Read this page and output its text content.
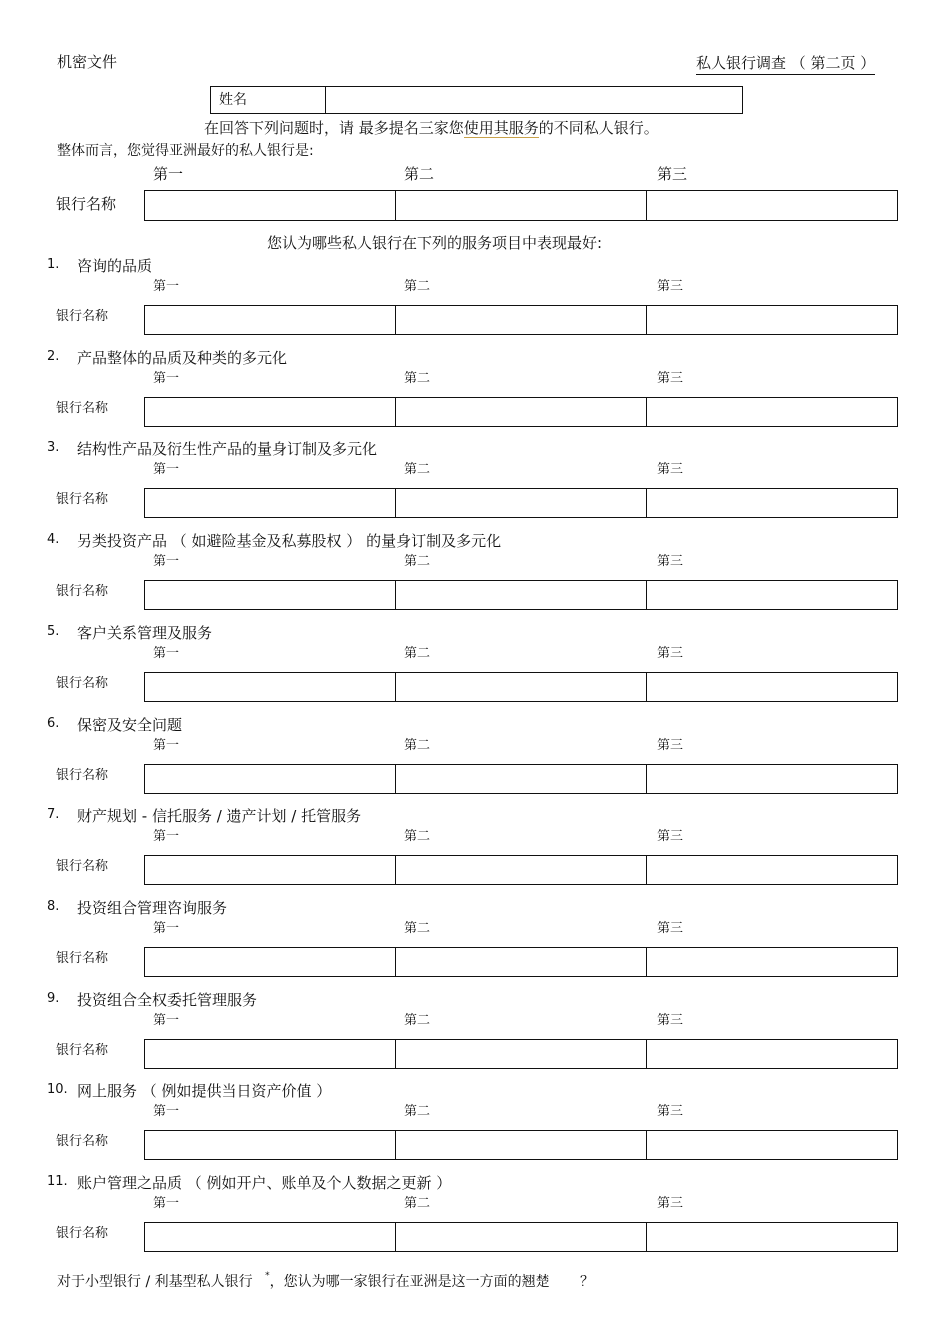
机密文件	私人银行调查 （ 第二页 ）
姓名
在回答下列问题时，请 最多提名三家您使用其服务的不同私人银行。
整体而言，您觉得亚洲最好的私人银行是:
第一	第二	第三
银行名称
您认为哪些私人银行在下列的服务项目中表现最好:
1. 咨询的品质
第一	第二	第三
银行名称
2. 产品整体的品质及种类的多元化
第一	第二	第三
银行名称
3. 结构性产品及衍生性产品的量身订制及多元化
第一	第二	第三
银行名称
4. 另类投资产品 （ 如避险基金及私募股权 ） 的量身订制及多元化
第一	第二	第三
银行名称
5. 客户关系管理及服务
第一	第二	第三
银行名称
6. 保密及安全问题
第一	第二	第三
银行名称
7. 财产规划 - 信托服务 / 遗产计划 / 托管服务
第一	第二	第三
银行名称
8. 投资组合管理咨询服务
第一	第二	第三
银行名称
9. 投资组合全权委托管理服务
第一	第二	第三
银行名称
10. 网上服务 （ 例如提供当日资产价值 ）
第一	第二	第三
银行名称
11. 账户管理之品质 （ 例如开户、账单及个人数据之更新 ）
第一	第二	第三
银行名称
对于小型银行 / 利基型私人银行 *，您认为哪一家银行在亚洲是这一方面的翘楚 ？
